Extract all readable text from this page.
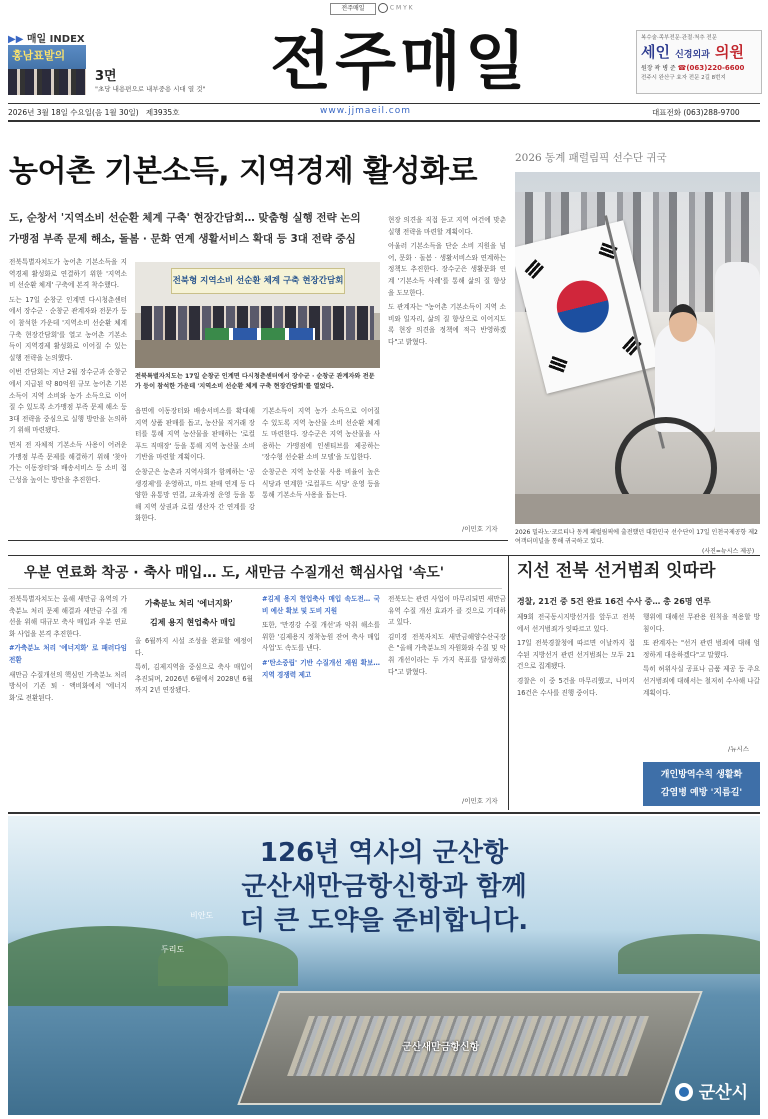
전주매일	C M Y K
▶▶ 매일 INDEX
홍남표발의
3면
"초당 내용편으로 내부중용 시대 열 것"	전주매일	복수술·족부전문·관절·척추 전문
세인 신경외과 의원
원장 곽 병 준 ☎(063)220-6600
전주시 완산구 효자 전문 2길 8번지
2026년 3월 18일 수요일(음 1월 30일) 제3935호	www.jjmaeil.com	대표전화 (063)288-9700
농어촌 기본소득, 지역경제 활성화로
도, 순창서 '지역소비 선순환 체계 구축' 현장간담회… 맞춤형 실행 전략 논의
가맹점 부족 문제 해소, 돌봄 · 문화 연계 생활서비스 확대 등 3대 전략 중심

전북특별자치도가 농어촌 기본소득을 지역경제 활성화로 연결하기 위한 '지역소비 선순환 체계' 구축에 본격 착수했다.

도는 17일 순창군 인계면 다시청춘센터에서 장수군 · 순창군 관계자와 전문가 등이 참석한 가운데 '지역소비 선순환 체계 구축 현장간담회'를 열고 농어촌 기본소득이 지역경제 활성화로 이어질 수 있는 실행 전략을 논의했다.

이번 간담회는 지난 2월 장수군과 순창군에서 지급된 약 80억원 규모 농어촌 기본소득이 지역 소비와 농가 소득으로 이어질 수 있도록 소가맹점 부족 문제 해소 등 3대 전략을 중심으로 실행 방안을 논의하기 위해 마련됐다.

먼저 전 자체적 기본소득 사용이 어려운 가맹점 부족 문제를 해결하기 위해 '찾아가는 이동장터'와 배송서비스 등 소비 접근성을 높이는 방안을 추진한다.

전북형 지역소비 선순환 체계 구축 현장간담회
전북특별자치도는 17일 순창군 인계면 다시청춘센터에서 장수군 · 순창군 관계자와 전문가 등이 참석한 가운데 '지역소비 선순환 체계 구축 현장간담회'를 열었다.

읍면에 이동장터와 배송서비스를 확대해 지역 상품 판매를 돕고, 농산물 직거래 장터를 통해 지역 농산물을 판매하는 '로컬푸드 직매장' 등을 통해 지역 농산물 소비 기반을 마련할 계획이다.

순창군은 농촌과 지역사회가 함께하는 '공생경제'를 운영하고, 마트 판매 연계 등 다양한 유통망 연결, 교육과정 운영 등을 통해 지역 상권과 로컬 생산자 간 연계를 강화한다.

기본소득이 지역 농가 소득으로 이어질 수 있도록 지역 농산물 소비 선순환 체계도 마련한다. 장수군은 지역 농산물을 사용하는 가맹점에 인센티브를 제공하는 '장수형 선순환 소비 모델'을 도입한다.

순창군은 지역 농산물 사용 비율이 높은 식당과 연계한 '로컬푸드 식당' 운영 등을 통해 기본소득 사용을 돕는다.

현장 의견을 직접 듣고 지역 여건에 맞춘 실행 전략을 마련할 계획이다.

아울러 기본소득을 단순 소비 지원을 넘어, 문화 · 돌봄 · 생활서비스와 연계하는 정책도 추진한다. 장수군은 생활문화 연계 '기본소득 사례'를 통해 삶의 질 향상을 도모한다.

도 관계자는 "농어촌 기본소득이 지역 소비와 일자리, 삶의 질 향상으로 이어지도록 현장 의견을 정책에 적극 반영하겠다"고 밝혔다.

/이민호 기자
2026 동계 패럴림픽 선수단 귀국
2026 밀라노·코르티나 동계 패럴림픽에 출전했던 대한민국 선수단이 17일 인천국제공항 제2여객터미널을 통해 귀국하고 있다.
(사진=뉴시스 제공)
우분 연료화 착공 · 축사 매입… 도, 새만금 수질개선 핵심사업 '속도'

전북특별자치도는 올해 새만금 유역의 가축분뇨 처리 문제 해결과 새만금 수질 개선을 위해 대규모 축사 매입과 우분 연료화 사업을 본격 추진한다.

#가축분뇨 처리 '에너지화' 로 패러다임 전환

새만금 수질개선의 핵심인 가축분뇨 처리 방식이 기존 퇴 · 액비화에서 '에너지화'로 전환된다.

가축분뇨 처리 '에너지화'
김제 용지 현업축사 매입

올 6월까지 시설 조성을 완료할 예정이다.

특히, 김제지역을 중심으로 축사 매입이 추진되며, 2026년 6월에서 2028년 6월까지 2년 연장됐다.

#김제 용지 현업축사 매입 속도전… 국비 예산 확보 및 도비 지원

또한, '만경강 수질 개선'과 악취 해소를 위한 '김제용지 정착농원 잔여 축사 매입사업'도 속도를 낸다.

#'탄소중립' 기반 수질개선 재원 확보… 지역 경쟁력 제고

전북도는 관련 사업이 마무리되면 새만금 유역 수질 개선 효과가 클 것으로 기대하고 있다.

김미경 전북자치도 새만금해양수산국장은 "올해 가축분뇨의 자원화와 수질 및 악취 개선이라는 두 가지 목표를 달성하겠다"고 밝혔다.

/이민호 기자
지선 전북 선거범죄 잇따라
경찰, 21건 중 5건 완료 16건 수사 중… 총 26명 연루

제9회 전국동시지방선거를 앞두고 전북에서 선거범죄가 잇따르고 있다.

17일 전북경찰청에 따르면 이날까지 접수된 지방선거 관련 선거범죄는 모두 21건으로 집계됐다.

경찰은 이 중 5건을 마무리했고, 나머지 16건은 수사를 진행 중이다.

행위에 대해선 무관용 원칙을 적용할 방침이다.

또 관계자는 "선거 관련 범죄에 대해 엄정하게 대응하겠다"고 말했다.

특히 허위사실 공표나 금품 제공 등 주요 선거범죄에 대해서는 철저히 수사해 나갈 계획이다.

/뉴시스
개인방역수칙 생활화
감염병 예방 '지름길'
126년 역사의 군산항
군산새만금항신항과 함께
더 큰 도약을 준비합니다.
비안도
두리도
군산새만금항신항
군산시
